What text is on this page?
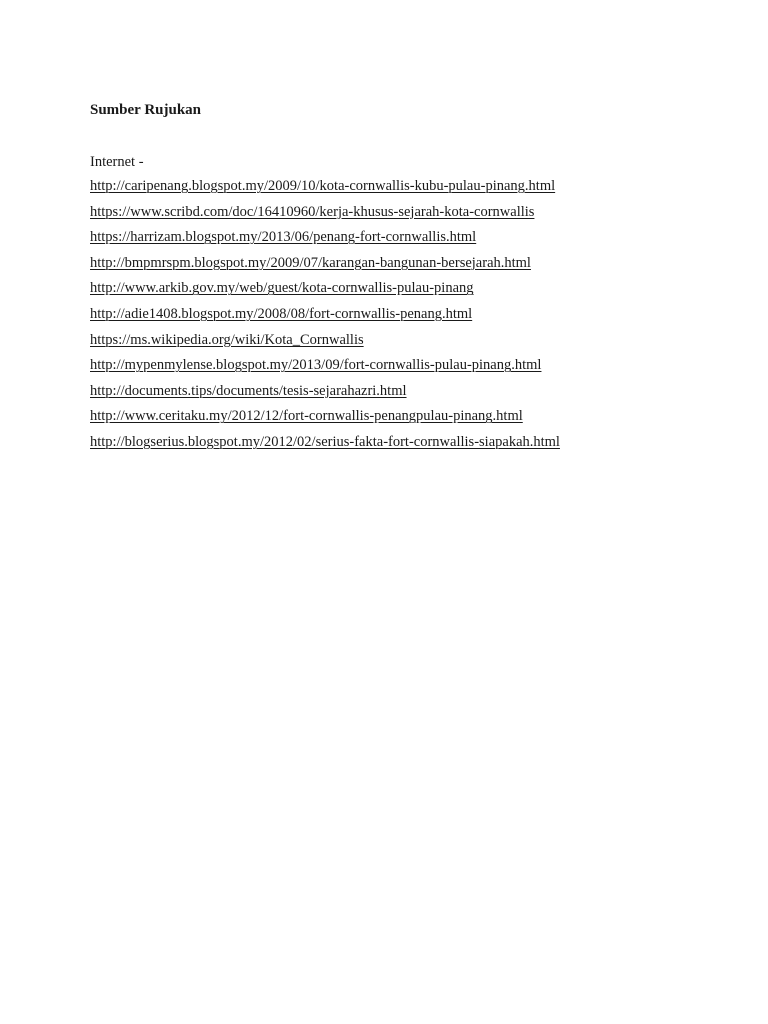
Sumber Rujukan

Internet -

http://caripenang.blogspot.my/2009/10/kota-cornwallis-kubu-pulau-pinang.html
https://www.scribd.com/doc/16410960/kerja-khusus-sejarah-kota-cornwallis
https://harrizam.blogspot.my/2013/06/penang-fort-cornwallis.html
http://bmpmrspm.blogspot.my/2009/07/karangan-bangunan-bersejarah.html
http://www.arkib.gov.my/web/guest/kota-cornwallis-pulau-pinang
http://adie1408.blogspot.my/2008/08/fort-cornwallis-penang.html
https://ms.wikipedia.org/wiki/Kota_Cornwallis
http://mypenmylense.blogspot.my/2013/09/fort-cornwallis-pulau-pinang.html
http://documents.tips/documents/tesis-sejarahazri.html
http://www.ceritaku.my/2012/12/fort-cornwallis-penangpulau-pinang.html
http://blogserius.blogspot.my/2012/02/serius-fakta-fort-cornwallis-siapakah.html
